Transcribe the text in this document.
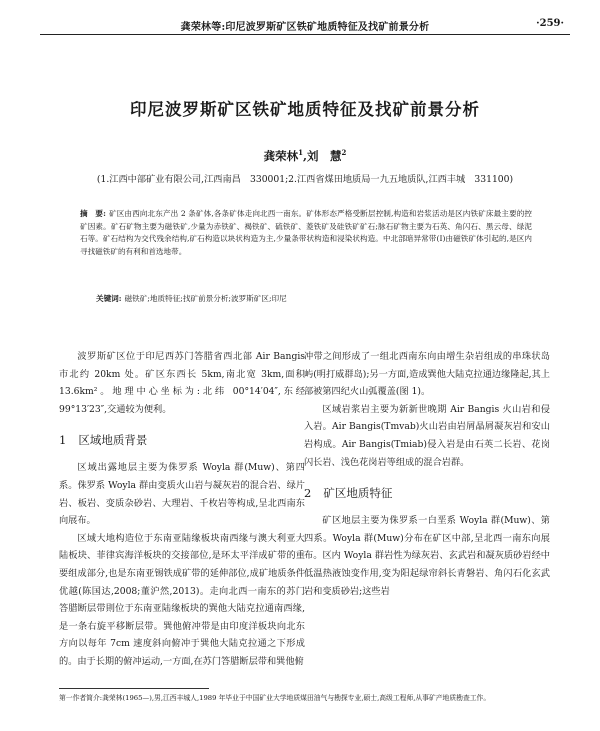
龚荣林等:印尼波罗斯矿区铁矿地质特征及找矿前景分析	·259·
印尼波罗斯矿区铁矿地质特征及找矿前景分析
龚荣林$^1$,刘　慧$^2$
(1.江西中部矿业有限公司,江西南昌　330001;2.江西省煤田地质局一九五地质队,江西丰城　331100)
摘　要: 矿区由西向北东产出 2 条矿体,各条矿体走向北西一南东。矿体形态严格受断层控制,构造和岩浆活动是区内铁矿床最主要的控矿因素。矿石矿物主要为磁铁矿,少量为赤铁矿、褐铁矿、硫铁矿、菱铁矿及硅铁矿矿石;脉石矿物主要为石英、角闪石、黑云母、绿泥石等。矿石结构为交代残余结构,矿石构造以块状构造为主,少量条带状构造和浸染状构造。中北部暗异常带(Ⅰ)由磁铁矿体引起的,是区内寻找磁铁矿的有利和首选地带。
关键词: 磁铁矿;地质特征;找矿前景分析;波罗斯矿区;印尼

波罗斯矿区位于印尼西苏门答腊省西北部 Air Bangis 市北约 20km 处。矿区东西长 5km,南北宽 3km,面积 13.6km²。地理中心坐标为:北纬 00°14′04″,东经 99°13′23″,交通较为便利。

1 区域地质背景

区域出露地层主要为侏罗系 Woyla 群(Muw)、第四系。侏罗系 Woyla 群由变质火山岩与凝灰岩的混合岩、绿片岩、板岩、变质杂砂岩、大理岩、千枚岩等构成,呈北西南东向展布。

区域大地构造位于东南亚陆缘板块南西缘与澳大利亚大陆板块、菲律宾海洋板块的交接部位,是环太平洋成矿带的重要组成部分,也是东南亚锡铁成矿带的延伸部位,成矿地质条件优越(陈国达,2008;董沪然,2013)。走向北西一南东的苏门答腊断层带則位于东南亚陆缘板块的巽他大陆克拉通南西缘,是一条右旋平移断层带。巽他俯冲带是由印度洋板块向北东方向以每年 7cm 速度斜向俯冲于巽他大陆克拉通之下形成的。由于长期的俯冲运动,一方面,在苏门答腊断层带和巽他俯

冲带之间形成了一组北西南东向由增生杂岩组成的串珠状岛屿(明打威群岛);另一方面,造成巽他大陆克拉通边缘隆起,其上部被第四纪火山弧覆盖(图 1)。

区域岩浆岩主要为新新世晚期 Air Bangis 火山岩和侵入岩。Air Bangis(Tmvab)火山岩由岩屑晶屑凝灰岩和安山岩构成。Air Bangis(Tmiab)侵入岩是由石英二长岩、花岗闪长岩、浅色花岗岩等组成的混合岩群。

2 矿区地质特征

矿区地层主要为侏罗系一白垩系 Woyla 群(Muw)、第四系。Woyla 群(Muw)分布在矿区中部,呈北西一南东向展布。区内 Woyla 群岩性为绿灰岩、玄武岩和凝灰质砂岩经中低温热液蚀变作用,变为阳起绿帘斜长青磐岩、角闪石化玄武岩和变质砂岩;这些岩

第一作者简介:龚荣林(1965—),男,江西丰城人,1989 年毕业于中国矿业大学地质煤田油气与勘探专业,硕士,高级工程师,从事矿产地质勘查工作。
